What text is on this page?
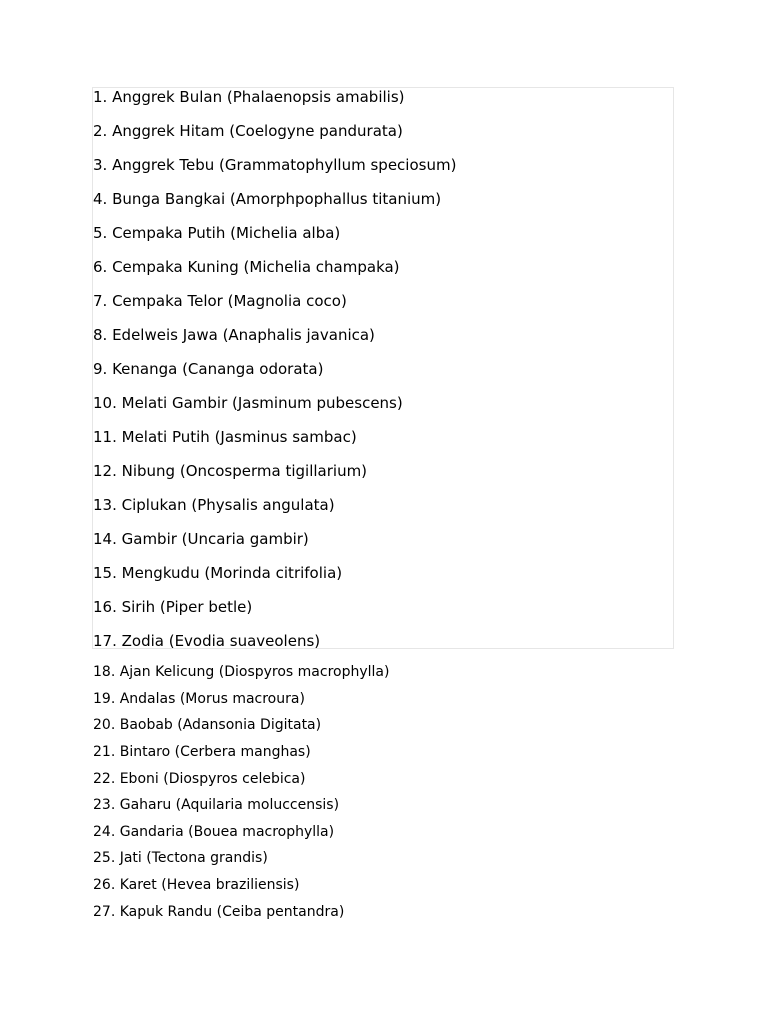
1. Anggrek Bulan (Phalaenopsis amabilis)
2. Anggrek Hitam (Coelogyne pandurata)
3. Anggrek Tebu (Grammatophyllum speciosum)
4. Bunga Bangkai (Amorphpophallus titanium)
5. Cempaka Putih (Michelia alba)
6. Cempaka Kuning (Michelia champaka)
7. Cempaka Telor (Magnolia coco)
8. Edelweis Jawa (Anaphalis javanica)
9. Kenanga (Cananga odorata)
10. Melati Gambir (Jasminum pubescens)
11. Melati Putih (Jasminus sambac)
12. Nibung (Oncosperma tigillarium)
13. Ciplukan (Physalis angulata)
14. Gambir (Uncaria gambir)
15. Mengkudu (Morinda citrifolia)
16. Sirih (Piper betle)
17. Zodia (Evodia suaveolens)
18. Ajan Kelicung (Diospyros macrophylla)
19. Andalas (Morus macroura)
20. Baobab (Adansonia Digitata)
21. Bintaro (Cerbera manghas)
22. Eboni (Diospyros celebica)
23. Gaharu (Aquilaria moluccensis)
24. Gandaria (Bouea macrophylla)
25. Jati (Tectona grandis)
26. Karet (Hevea braziliensis)
27. Kapuk Randu (Ceiba pentandra)
